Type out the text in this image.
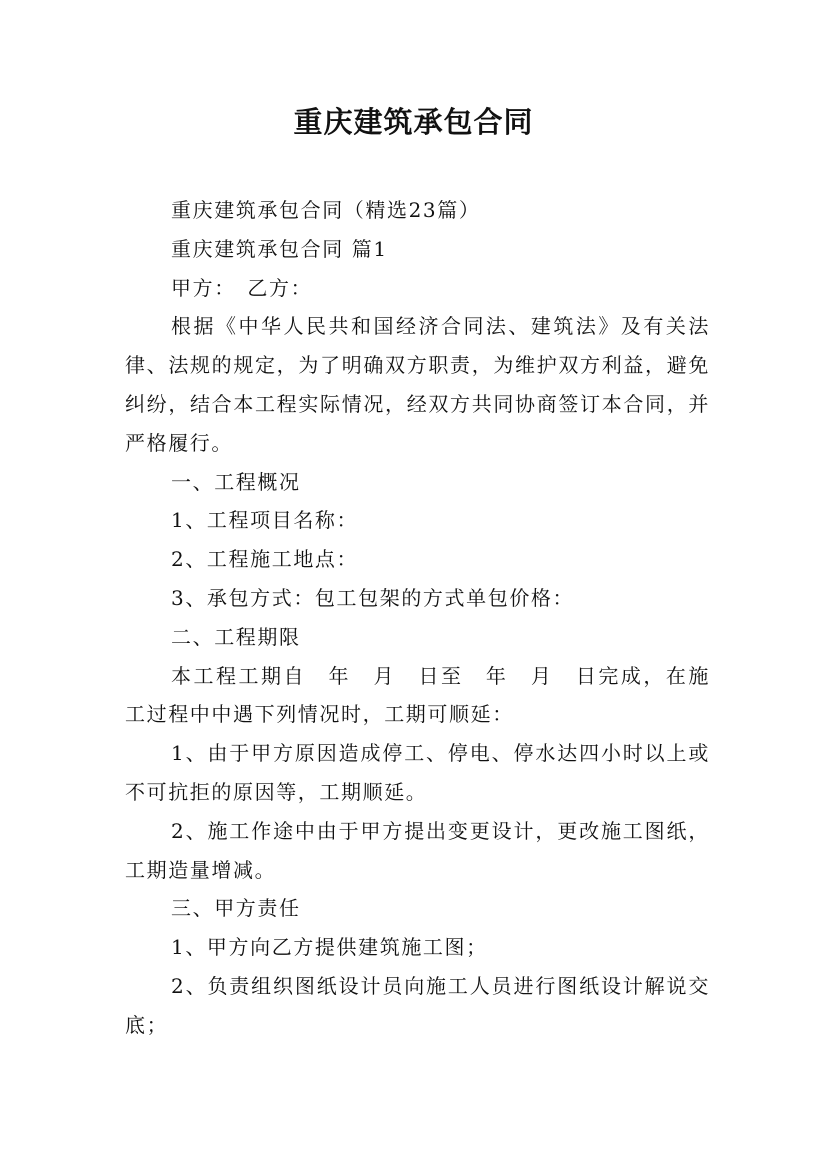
重庆建筑承包合同

重庆建筑承包合同（精选23篇）

重庆建筑承包合同 篇1

甲方：　乙方：

根据《中华人民共和国经济合同法、建筑法》及有关法律、法规的规定，为了明确双方职责，为维护双方利益，避免纠纷，结合本工程实际情况，经双方共同协商签订本合同，并严格履行。

一、工程概况

1、工程项目名称：

2、工程施工地点：

3、承包方式：包工包架的方式单包价格：

二、工程期限

本工程工期自　年　月　日至　年　月　日完成，在施工过程中中遇下列情况时，工期可顺延：

1、由于甲方原因造成停工、停电、停水达四小时以上或不可抗拒的原因等，工期顺延。

2、施工作途中由于甲方提出变更设计，更改施工图纸，工期造量增减。

三、甲方责任

1、甲方向乙方提供建筑施工图；

2、负责组织图纸设计员向施工人员进行图纸设计解说交底；
